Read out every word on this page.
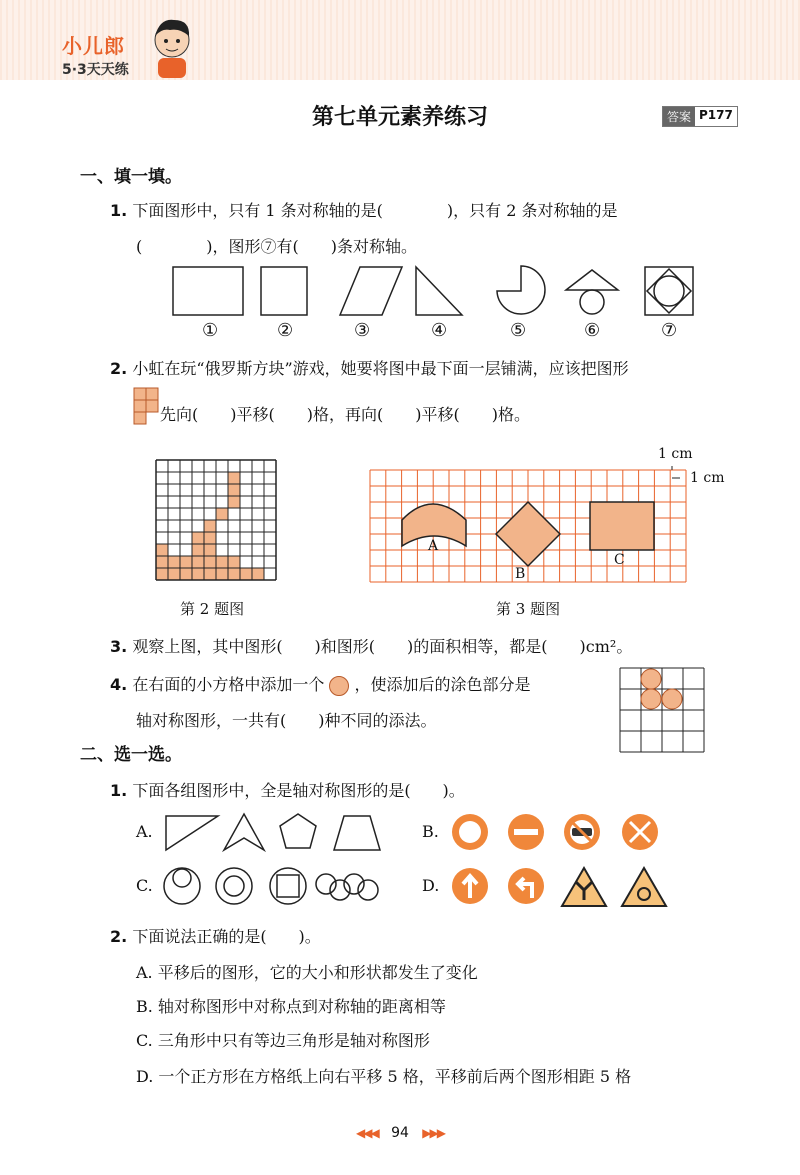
小儿郎
5·3天天练
第七单元素养练习	答案 P177
一、填一填。
1. 下面图形中，只有 1 条对称轴的是(　　　　)，只有 2 条对称轴的是
(　　　　)，图形⑦有(　　)条对称轴。
①	②	③	④	⑤	⑥	⑦
2. 小虹在玩“俄罗斯方块”游戏，她要将图中最下面一层铺满，应该把图形
先向(　　)平移(　　)格，再向(　　)平移(　　)格。
1 cm
1 cm
A
B
C
第 2 题图	第 3 题图
3. 观察上图，其中图形(　　)和图形(　　)的面积相等，都是(　　)cm²。
4. 在右面的小方格中添加一个 ，使添加后的涂色部分是
轴对称图形，一共有(　　)种不同的添法。
二、选一选。
1. 下面各组图形中，全是轴对称图形的是(　　)。
A.	B.
C.	D.
2. 下面说法正确的是(　　)。
A. 平移后的图形，它的大小和形状都发生了变化
B. 轴对称图形中对称点到对称轴的距离相等
C. 三角形中只有等边三角形是轴对称图形
D. 一个正方形在方格纸上向右平移 5 格，平移前后两个图形相距 5 格
◀◀◀ 94 ▶▶▶
